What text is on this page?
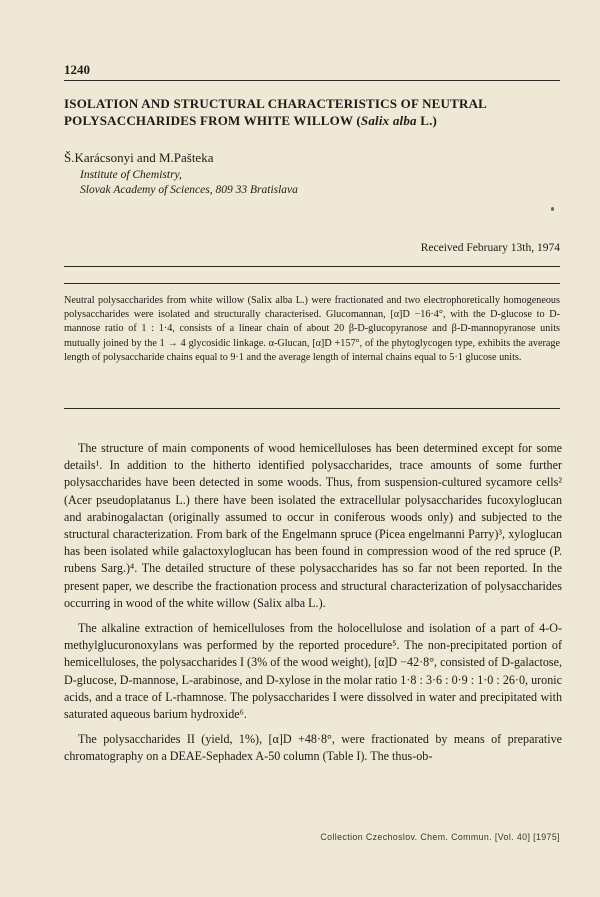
1240
ISOLATION AND STRUCTURAL CHARACTERISTICS OF NEUTRAL
POLYSACCHARIDES FROM WHITE WILLOW (Salix alba L.)
Š.Karácsonyi and M.Pašteka
Institute of Chemistry,
Slovak Academy of Sciences, 809 33 Bratislava
Received February 13th, 1974
Neutral polysaccharides from white willow (Salix alba L.) were fractionated and two electrophoretically homogeneous polysaccharides were isolated and structurally characterised. Glucomannan, [α]D −16·4°, with the D-glucose to D-mannose ratio of 1 : 1·4, consists of a linear chain of about 20 β-D-glucopyranose and β-D-mannopyranose units mutually joined by the 1 → 4 glycosidic linkage. α-Glucan, [α]D +157°, of the phytoglycogen type, exhibits the average length of polysaccharide chains equal to 9·1 and the average length of internal chains equal to 5·1 glucose units.

The structure of main components of wood hemicelluloses has been determined except for some details¹. In addition to the hitherto identified polysaccharides, trace amounts of some further polysaccharides have been detected in some woods. Thus, from suspension-cultured sycamore cells² (Acer pseudoplatanus L.) there have been isolated the extracellular polysaccharides fucoxyloglucan and arabinogalactan (originally assumed to occur in coniferous woods only) and subjected to the structural characterization. From bark of the Engelmann spruce (Picea engelmanni Parry)³, xyloglucan has been isolated while galactoxyloglucan has been found in compression wood of the red spruce (P. rubens Sarg.)⁴. The detailed structure of these polysaccharides has so far not been reported. In the present paper, we describe the fractionation process and structural characterization of polysaccharides occurring in wood of the white willow (Salix alba L.).

The alkaline extraction of hemicelluloses from the holocellulose and isolation of a part of 4-O-methylglucuronoxylans was performed by the reported procedure⁵. The non-precipitated portion of hemicelluloses, the polysaccharides I (3% of the wood weight), [α]D −42·8°, consisted of D-galactose, D-glucose, D-mannose, L-arabinose, and D-xylose in the molar ratio 1·8 : 3·6 : 0·9 : 1·0 : 26·0, uronic acids, and a trace of L-rhamnose. The polysaccharides I were dissolved in water and precipitated with saturated aqueous barium hydroxide⁶.

The polysaccharides II (yield, 1%), [α]D +48·8°, were fractionated by means of preparative chromatography on a DEAE-Sephadex A-50 column (Table I). The thus-ob-

Collection Czechoslov. Chem. Commun. [Vol. 40] [1975]
